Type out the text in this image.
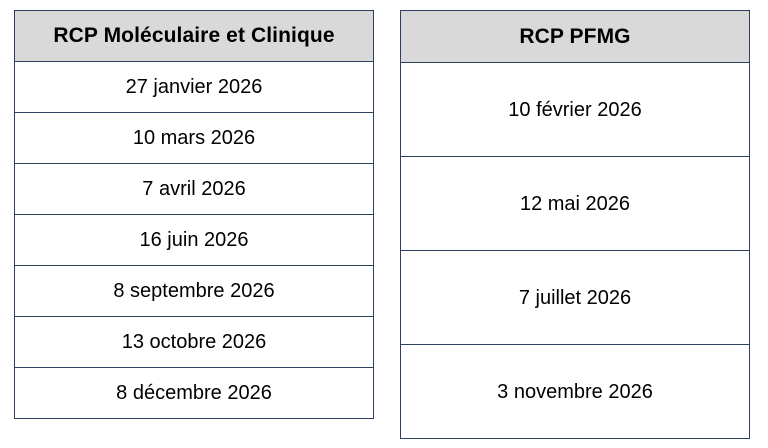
RCP Moléculaire et Clinique

27 janvier 2026

10 mars 2026

7 avril 2026

16 juin 2026

8 septembre 2026

13 octobre 2026

8 décembre 2026
RCP PFMG

10 février 2026

12 mai 2026

7 juillet 2026

3 novembre 2026
